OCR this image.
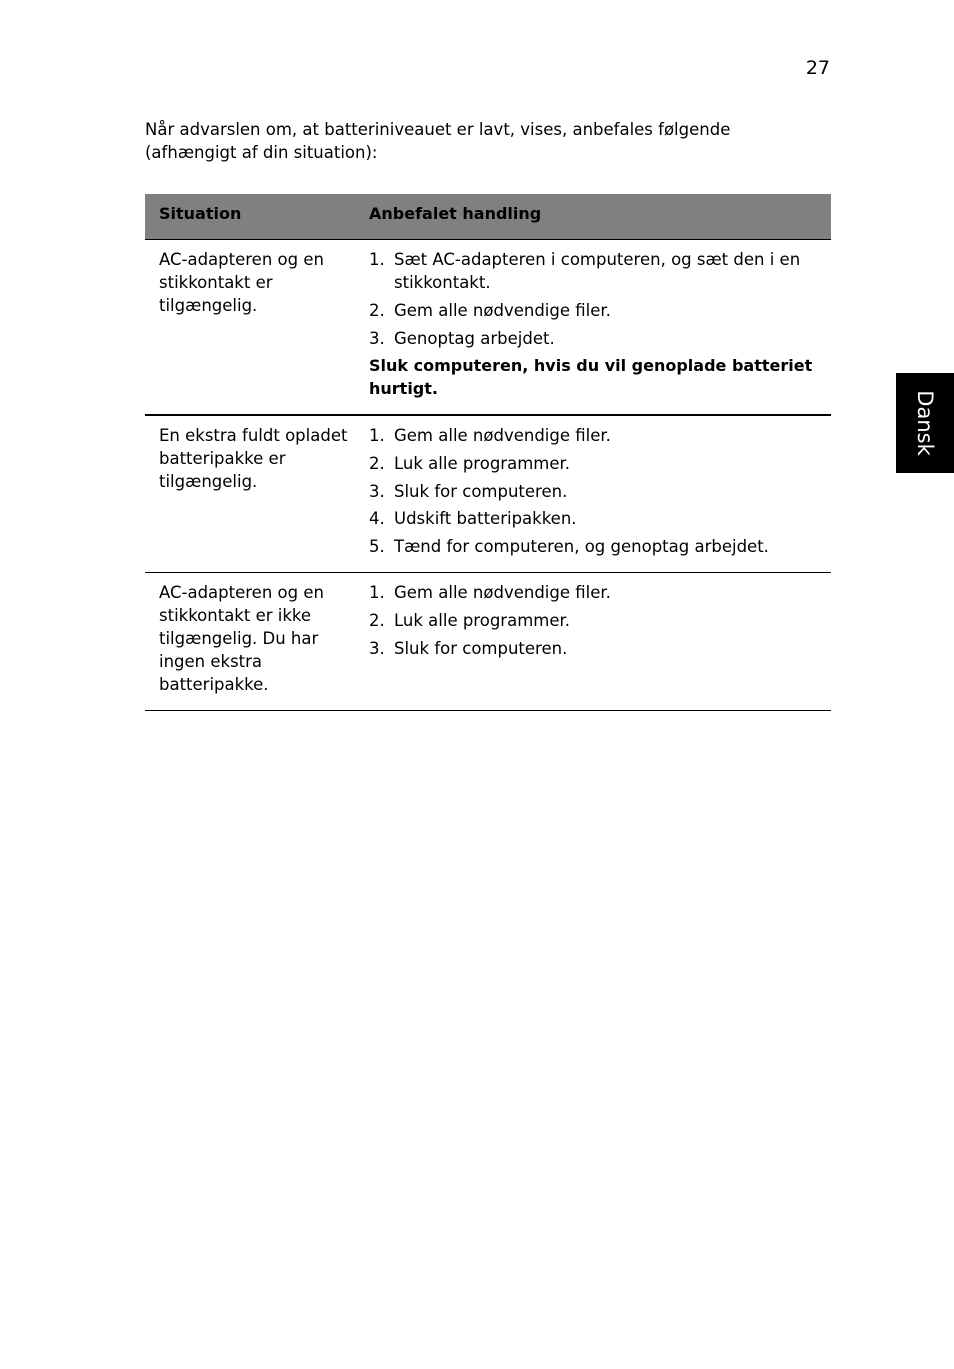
27
Når advarslen om, at batteriniveauet er lavt, vises, anbefales følgende (afhængigt af din situation):
Dansk
Situation	Anbefalet handling
AC-adapteren og en stikkontakt er tilgængelig.
1. Sæt AC-adapteren i computeren, og sæt den i en stikkontakt.
2. Gem alle nødvendige filer.
3. Genoptag arbejdet.
Sluk computeren, hvis du vil genoplade batteriet hurtigt.
En ekstra fuldt opladet batteripakke er tilgængelig.
1. Gem alle nødvendige filer.
2. Luk alle programmer.
3. Sluk for computeren.
4. Udskift batteripakken.
5. Tænd for computeren, og genoptag arbejdet.
AC-adapteren og en stikkontakt er ikke tilgængelig. Du har ingen ekstra batteripakke.
1. Gem alle nødvendige filer.
2. Luk alle programmer.
3. Sluk for computeren.
